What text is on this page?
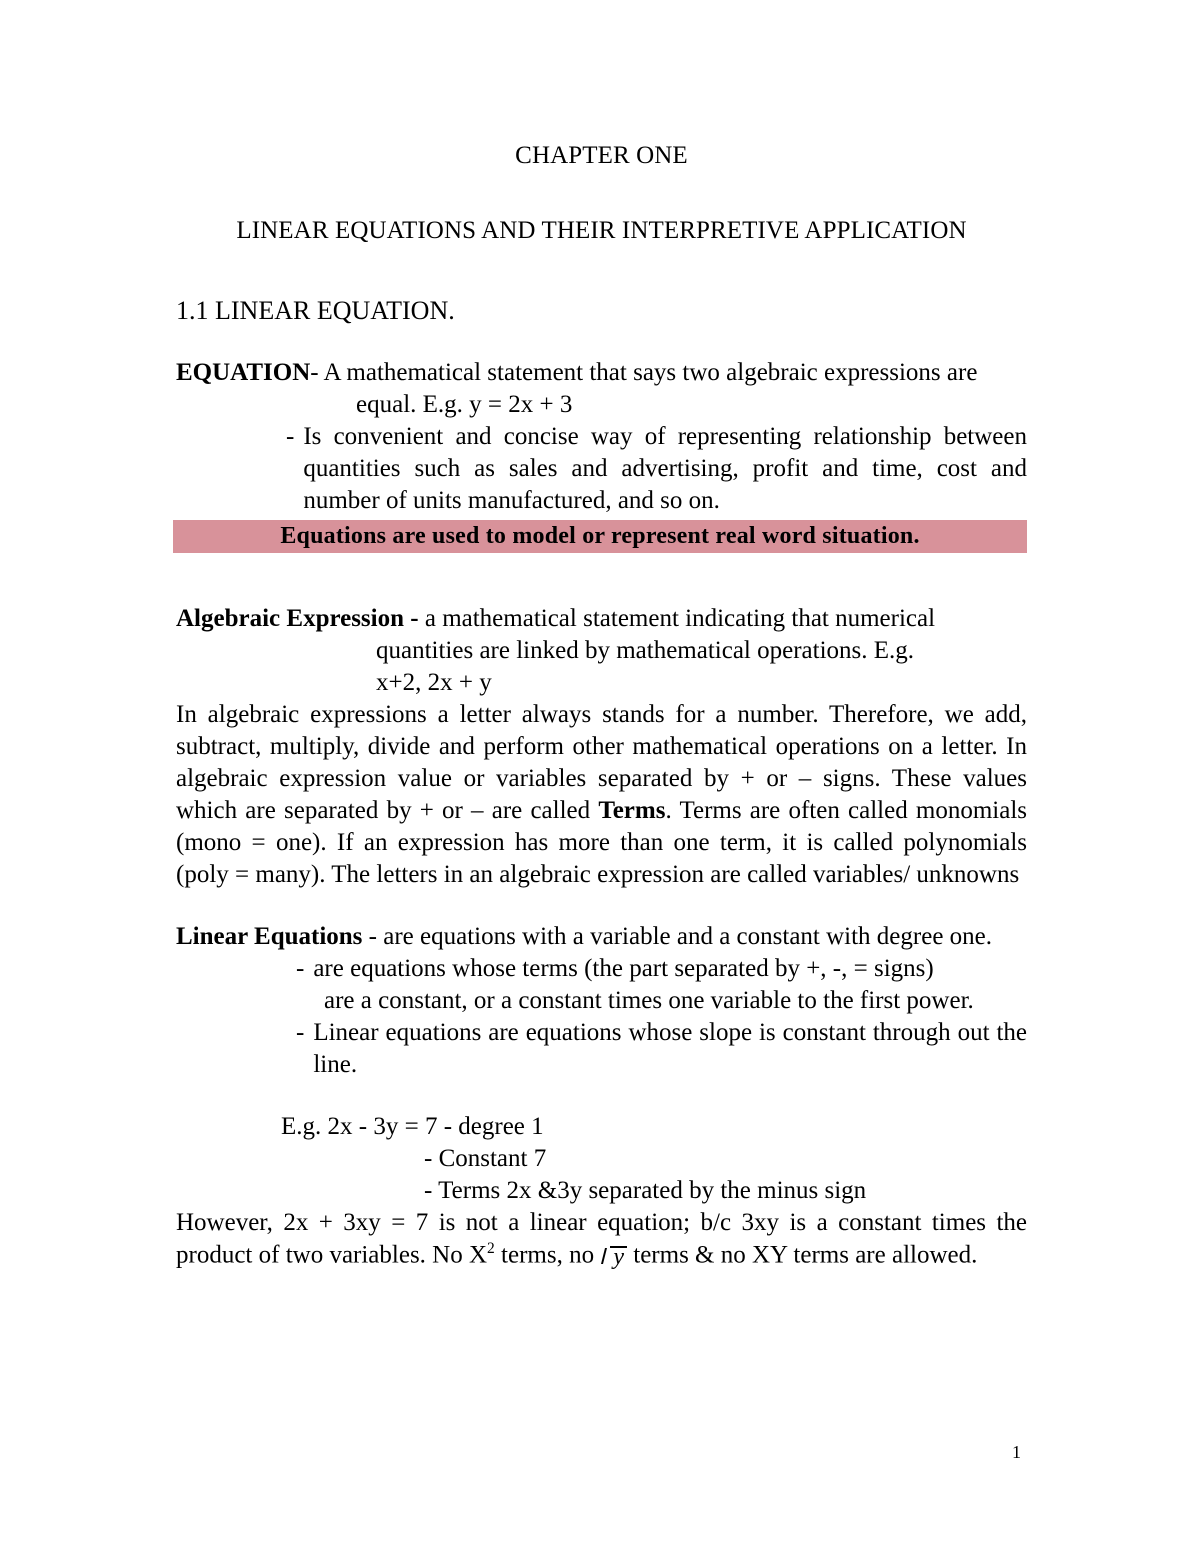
CHAPTER ONE
LINEAR EQUATIONS AND THEIR INTERPRETIVE APPLICATION
1.1 LINEAR EQUATION.
EQUATION- A mathematical statement that says two algebraic expressions are
equal. E.g. y = 2x + 3
- Is convenient and concise way of representing relationship between quantities such as sales and advertising, profit and time, cost and number of units manufactured, and so on.
Algebraic Expression - a mathematical statement indicating that numerical
quantities are linked by mathematical operations. E.g.
x+2, 2x + y
In algebraic expressions a letter always stands for a number. Therefore, we add, subtract, multiply, divide and perform other mathematical operations on a letter. In algebraic expression value or variables separated by + or – signs. These values which are separated by + or – are called Terms. Terms are often called monomials (mono = one). If an expression has more than one term, it is called polynomials (poly = many). The letters in an algebraic expression are called variables/ unknowns
Linear Equations - are equations with a variable and a constant with degree one.
- are equations whose terms (the part separated by +, -, = signs)
are a constant, or a constant times one variable to the first power.
- Linear equations are equations whose slope is constant through out the line.
E.g. 2x - 3y = 7 - degree 1
- Constant 7
- Terms 2x &3y separated by the minus sign
However, 2x + 3xy = 7 is not a linear equation; b/c 3xy is a constant times the product of two variables. No $X^2$ terms, no y terms & no XY terms are allowed.
Equations are used to model or represent real word situation.
1
